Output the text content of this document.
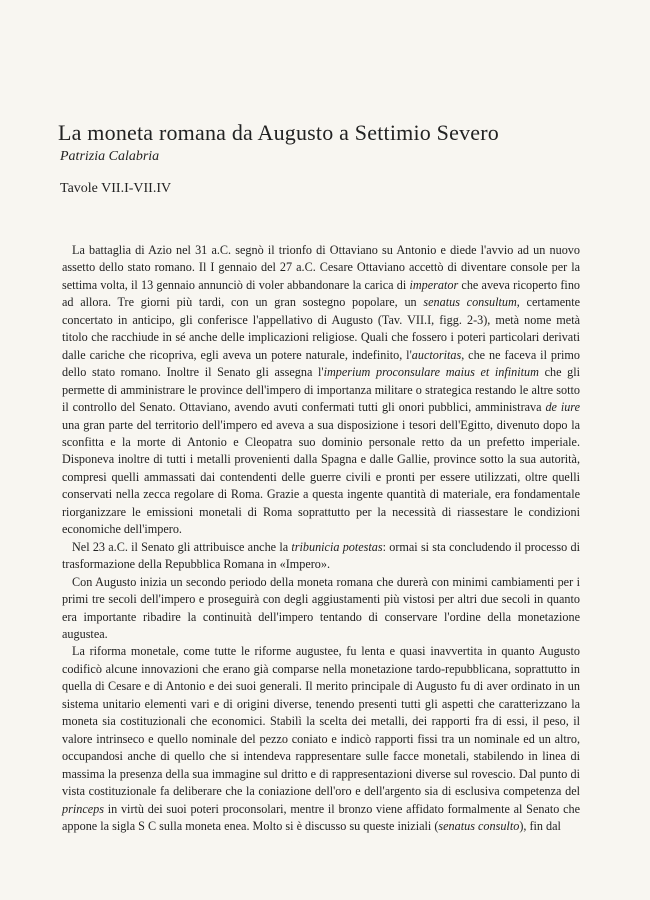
La moneta romana da Augusto a Settimio Severo
Patrizia Calabria
Tavole VII.I-VII.IV

La battaglia di Azio nel 31 a.C. segnò il trionfo di Ottaviano su Antonio e diede l'avvio ad un nuovo assetto dello stato romano. Il I gennaio del 27 a.C. Cesare Ottaviano accettò di diventare console per la settima volta, il 13 gennaio annunciò di voler abbandonare la carica di imperator che aveva ricoperto fino ad allora. Tre giorni più tardi, con un gran sostegno popolare, un senatus consultum, certamente concertato in anticipo, gli conferisce l'appellativo di Augusto (Tav. VII.I, figg. 2-3), metà nome metà titolo che racchiude in sé anche delle implicazioni religiose. Quali che fossero i poteri particolari derivati dalle cariche che ricopriva, egli aveva un potere naturale, indefinito, l'auctoritas, che ne faceva il primo dello stato romano. Inoltre il Senato gli assegna l'imperium proconsulare maius et infinitum che gli permette di amministrare le province dell'impero di importanza militare o strategica restando le altre sotto il controllo del Senato. Ottaviano, avendo avuti confermati tutti gli onori pubblici, amministrava de iure una gran parte del territorio dell'impero ed aveva a sua disposizione i tesori dell'Egitto, divenuto dopo la sconfitta e la morte di Antonio e Cleopatra suo dominio personale retto da un prefetto imperiale. Disponeva inoltre di tutti i metalli provenienti dalla Spagna e dalle Gallie, province sotto la sua autorità, compresi quelli ammassati dai contendenti delle guerre civili e pronti per essere utilizzati, oltre quelli conservati nella zecca regolare di Roma. Grazie a questa ingente quantità di materiale, era fondamentale riorganizzare le emissioni monetali di Roma soprattutto per la necessità di riassestare le condizioni economiche dell'impero.

Nel 23 a.C. il Senato gli attribuisce anche la tribunicia potestas: ormai si sta concludendo il processo di trasformazione della Repubblica Romana in «Impero».

Con Augusto inizia un secondo periodo della moneta romana che durerà con minimi cambiamenti per i primi tre secoli dell'impero e proseguirà con degli aggiustamenti più vistosi per altri due secoli in quanto era importante ribadire la continuità dell'impero tentando di conservare l'ordine della monetazione augustea.

La riforma monetale, come tutte le riforme augustee, fu lenta e quasi inavvertita in quanto Augusto codificò alcune innovazioni che erano già comparse nella monetazione tardo-repubblicana, soprattutto in quella di Cesare e di Antonio e dei suoi generali. Il merito principale di Augusto fu di aver ordinato in un sistema unitario elementi vari e di origini diverse, tenendo presenti tutti gli aspetti che caratterizzano la moneta sia costituzionali che economici. Stabilì la scelta dei metalli, dei rapporti fra di essi, il peso, il valore intrinseco e quello nominale del pezzo coniato e indicò rapporti fissi tra un nominale ed un altro, occupandosi anche di quello che si intendeva rappresentare sulle facce monetali, stabilendo in linea di massima la presenza della sua immagine sul dritto e di rappresentazioni diverse sul rovescio. Dal punto di vista costituzionale fa deliberare che la coniazione dell'oro e dell'argento sia di esclusiva competenza del princeps in virtù dei suoi poteri proconsolari, mentre il bronzo viene affidato formalmente al Senato che appone la sigla S C sulla moneta enea. Molto si è discusso su queste iniziali (senatus consulto), fin dal
